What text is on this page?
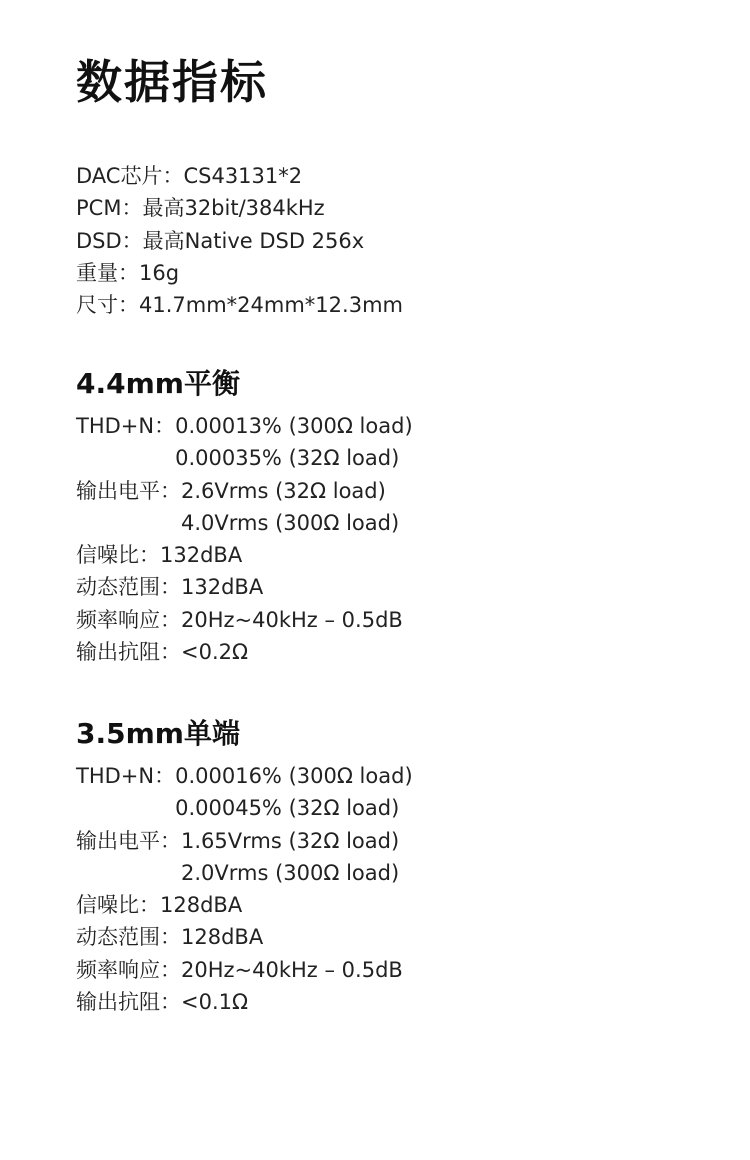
数据指标
DAC芯片： CS43131*2
PCM： 最高32bit/384kHz
DSD： 最高Native DSD 256x
重量： 16g
尺寸： 41.7mm*24mm*12.3mm
4.4mm平衡
THD+N： 0.00013% (300Ω load)
0.00035% (32Ω load)
输出电平： 2.6Vrms (32Ω load)
4.0Vrms (300Ω load)
信噪比： 132dBA
动态范围： 132dBA
频率响应： 20Hz~40kHz – 0.5dB
输出抗阻： <0.2Ω
3.5mm单端
THD+N： 0.00016% (300Ω load)
0.00045% (32Ω load)
输出电平： 1.65Vrms (32Ω load)
2.0Vrms (300Ω load)
信噪比： 128dBA
动态范围： 128dBA
频率响应： 20Hz~40kHz – 0.5dB
输出抗阻： <0.1Ω
